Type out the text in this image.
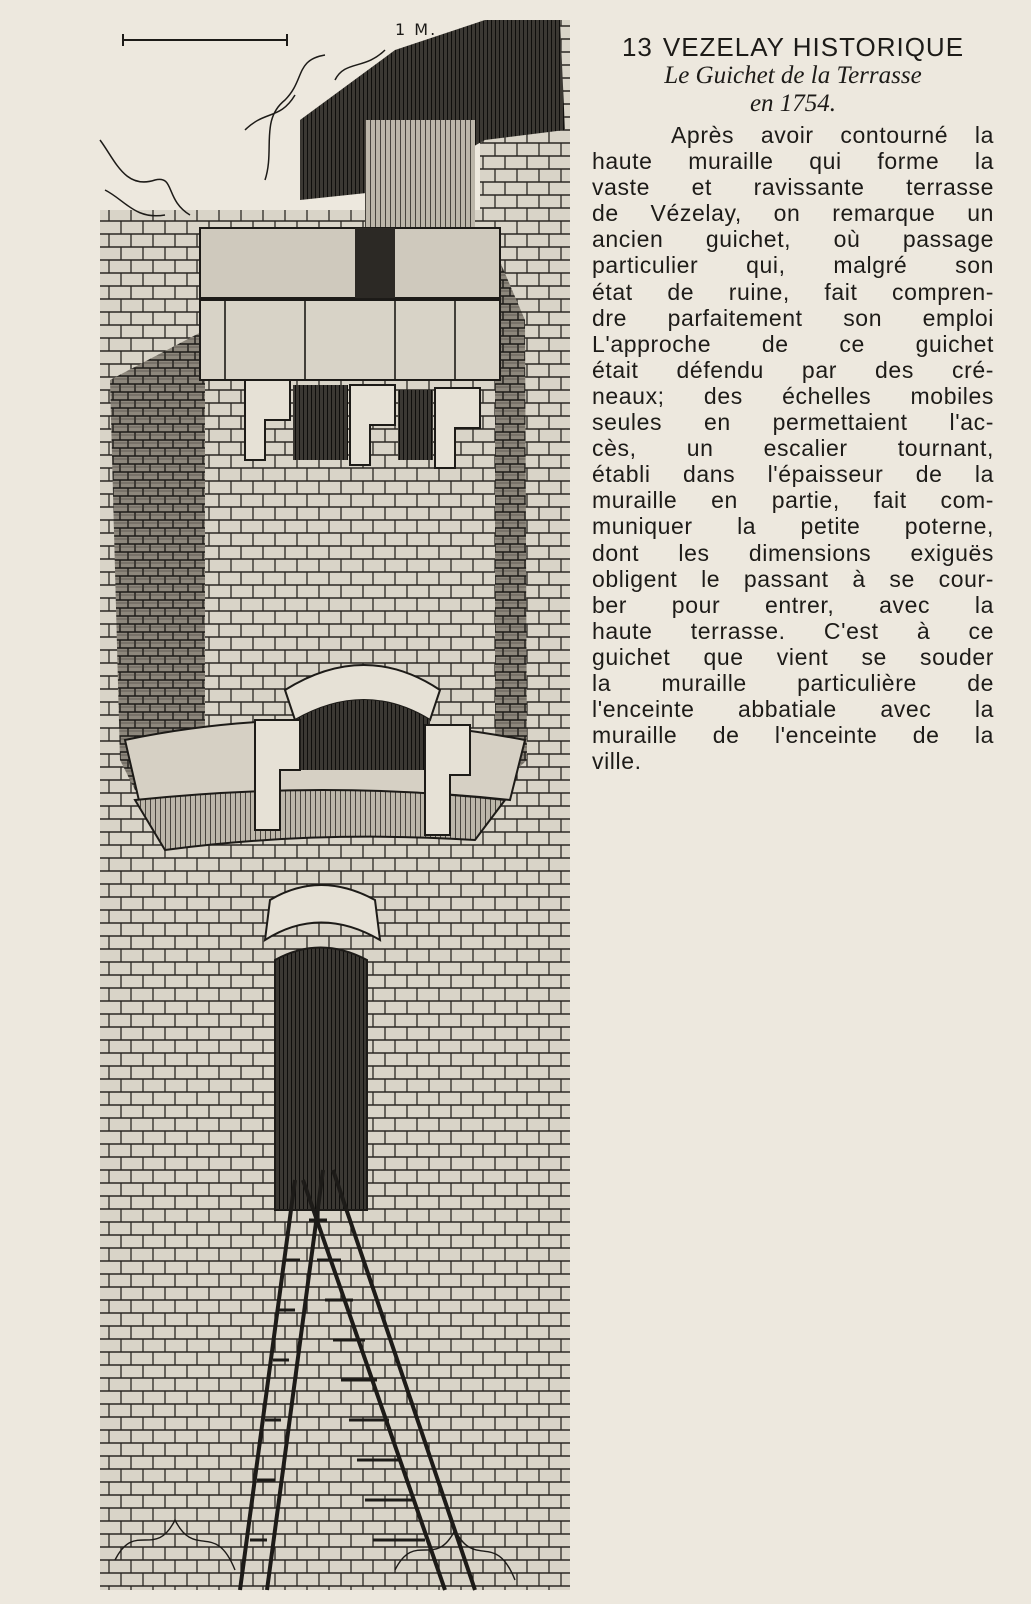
1 M.
13 VEZELAY HISTORIQUE

Le Guichet de la Terrasse
en 1754.

Après avoir contourné la
haute muraille qui forme la
vaste et ravissante terrasse
de Vézelay, on remarque un
ancien guichet, où passage
particulier qui, malgré son
état de ruine, fait compren-
dre parfaitement son emploi
L'approche de ce guichet
était défendu par des cré-
neaux; des échelles mobiles
seules en permettaient l'ac-
cès, un escalier tournant,
établi dans l'épaisseur de la
muraille en partie, fait com-
muniquer la petite poterne,
dont les dimensions exiguës
obligent le passant à se cour-
ber pour entrer, avec la
haute terrasse. C'est à ce
guichet que vient se souder
la muraille particulière de
l'enceinte abbatiale avec la
muraille de l'enceinte de la
ville.
